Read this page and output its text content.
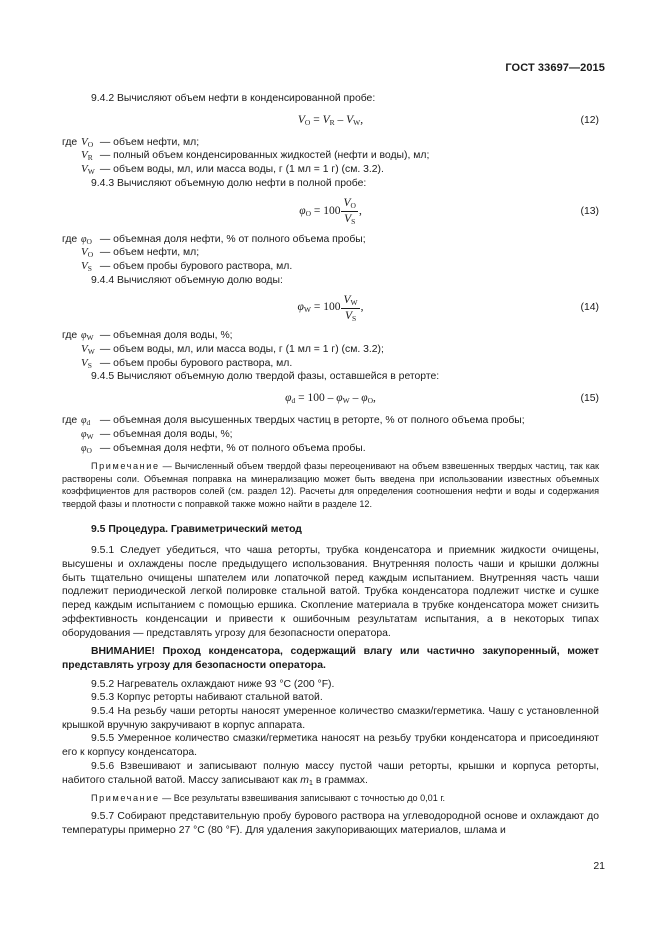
ГОСТ 33697—2015

9.4.2 Вычисляют объем нефти в конденсированной пробе:

$V_O = V_R - V_W$,	(12)
где $V_O$ — объем нефти, мл;
$V_R$ — полный объем конденсированных жидкостей (нефти и воды), мл;
$V_W$ — объем воды, мл, или масса воды, г (1 мл = 1 г) (см. 3.2).

9.4.3 Вычисляют объемную долю нефти в полной пробе:

$\varphi_O = 100 \frac{V_O}{V_S}$ ,	(13)
где $\varphi_O$ — объемная доля нефти, % от полного объема пробы;
$V_O$ — объем нефти, мл;
$V_S$ — объем пробы бурового раствора, мл.

9.4.4 Вычисляют объемную долю воды:

$\varphi_W = 100 \frac{V_W}{V_S}$ ,	(14)
где $\varphi_W$ — объемная доля воды, %;
$V_W$ — объем воды, мл, или масса воды, г (1 мл = 1 г) (см. 3.2);
$V_S$ — объем пробы бурового раствора, мл.

9.4.5 Вычисляют объемную долю твердой фазы, оставшейся в реторте:

$\varphi_d = 100 - \varphi_W - \varphi_O$,	(15)
где $\varphi_d$ — объемная доля высушенных твердых частиц в реторте, % от полного объема пробы;
$\varphi_W$ — объемная доля воды, %;
$\varphi_O$ — объемная доля нефти, % от полного объема пробы.

Примечание — Вычисленный объем твердой фазы переоценивают на объем взвешенных твердых частиц, так как растворены соли. Объемная поправка на минерализацию может быть введена при использовании известных объемных коэффициентов для растворов солей (см. раздел 12). Расчеты для определения соотношения нефти и воды и содержания твердой фазы и плотности с поправкой также можно найти в разделе 12.

9.5 Процедура. Гравиметрический метод

9.5.1 Следует убедиться, что чаша реторты, трубка конденсатора и приемник жидкости очищены, высушены и охлаждены после предыдущего использования. Внутренняя полость чаши и крышки должны быть тщательно очищены шпателем или лопаточкой перед каждым испытанием. Внутренняя часть чаши подлежит периодической легкой полировке стальной ватой. Трубка конденсатора подлежит чистке и сушке перед каждым испытанием с помощью ершика. Скопление материала в трубке конденсатора может снизить эффективность конденсации и привести к ошибочным результатам испытания, а в некоторых типах оборудования — представлять угрозу для безопасности оператора.

ВНИМАНИЕ! Проход конденсатора, содержащий влагу или частично закупоренный, может представлять угрозу для безопасности оператора.

9.5.2 Нагреватель охлаждают ниже 93 °С (200 °F).

9.5.3 Корпус реторты набивают стальной ватой.

9.5.4 На резьбу чаши реторты наносят умеренное количество смазки/герметика. Чашу с установленной крышкой вручную закручивают в корпус аппарата.

9.5.5 Умеренное количество смазки/герметика наносят на резьбу трубки конденсатора и присоединяют его к корпусу конденсатора.

9.5.6 Взвешивают и записывают полную массу пустой чаши реторты, крышки и корпуса реторты, набитого стальной ватой. Массу записывают как $m_1$ в граммах.

Примечание — Все результаты взвешивания записывают с точностью до 0,01 г.

9.5.7 Собирают представительную пробу бурового раствора на углеводородной основе и охлаждают до температуры примерно 27 °С (80 °F). Для удаления закупоривающих материалов, шлама и

21
